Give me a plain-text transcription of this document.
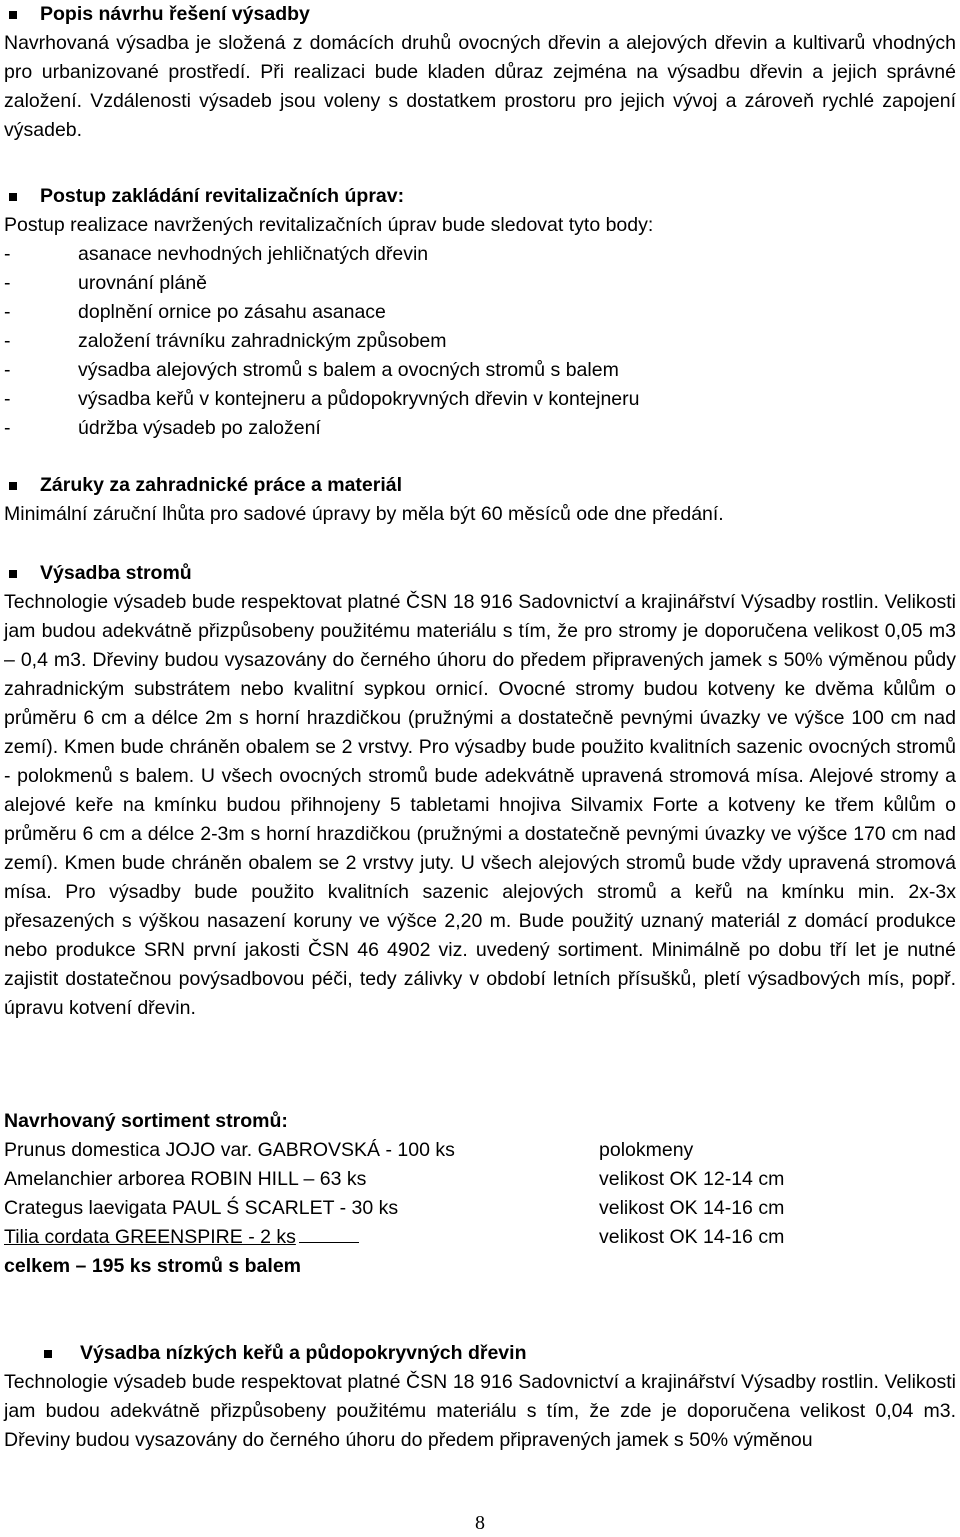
Popis návrhu řešení výsadby

Navrhovaná výsadba je složená z domácích druhů ovocných dřevin a alejových dřevin a kultivarů vhodných pro urbanizované prostředí. Při realizaci bude kladen důraz zejména na výsadbu dřevin a jejich správné založení. Vzdálenosti výsadeb jsou voleny s dostatkem prostoru pro jejich vývoj a zároveň rychlé zapojení výsadeb.

Postup zakládání revitalizačních úprav:

Postup realizace navržených revitalizačních úprav bude sledovat tyto body:

-	asanace nevhodných jehličnatých dřevin
-	urovnání pláně
-	doplnění ornice po zásahu asanace
-	založení trávníku zahradnickým způsobem
-	výsadba alejových stromů s balem a ovocných stromů s balem
-	výsadba keřů v kontejneru a půdopokryvných dřevin v kontejneru
-	údržba výsadeb po založení
Záruky za zahradnické práce a materiál

Minimální záruční lhůta pro sadové úpravy by měla být 60 měsíců ode dne předání.

Výsadba stromů

Technologie výsadeb bude respektovat platné ČSN 18 916 Sadovnictví a krajinářství Výsadby rostlin. Velikosti jam budou adekvátně přizpůsobeny použitému materiálu s tím, že pro stromy je doporučena velikost 0,05 m3 – 0,4 m3. Dřeviny budou vysazovány do černého úhoru do předem připravených jamek s 50% výměnou půdy zahradnickým substrátem nebo kvalitní sypkou ornicí. Ovocné stromy budou kotveny ke dvěma kůlům o průměru 6 cm a délce 2m s horní hrazdičkou (pružnými a dostatečně pevnými úvazky ve výšce 100 cm nad zemí). Kmen bude chráněn obalem se 2 vrstvy. Pro výsadby bude použito kvalitních sazenic ovocných stromů - polokmenů s balem. U všech ovocných stromů bude adekvátně upravená stromová mísa. Alejové stromy a alejové keře na kmínku budou přihnojeny 5 tabletami hnojiva Silvamix Forte a kotveny ke třem kůlům o průměru 6 cm a délce 2-3m s horní hrazdičkou (pružnými a dostatečně pevnými úvazky ve výšce 170 cm nad zemí). Kmen bude chráněn obalem se 2 vrstvy juty. U všech alejových stromů bude vždy upravená stromová mísa. Pro výsadby bude použito kvalitních sazenic alejových stromů a keřů na kmínku min. 2x-3x přesazených s výškou nasazení koruny ve výšce 2,20 m. Bude použitý uznaný materiál z domácí produkce nebo produkce SRN první jakosti ČSN 46 4902 viz. uvedený sortiment. Minimálně po dobu tří let je nutné zajistit dostatečnou povýsadbovou péči, tedy zálivky v období letních přísušků, pletí výsadbových mís, popř. úpravu kotvení dřevin.

Navrhovaný sortiment stromů:
Prunus domestica JOJO var. GABROVSKÁ - 100 ks	polokmeny
Amelanchier arborea ROBIN HILL – 63 ks	velikost OK 12-14 cm
Crategus laevigata PAUL Ś SCARLET - 30 ks	velikost OK 14-16 cm
Tilia cordata GREENSPIRE - 2 ks	velikost OK 14-16 cm
celkem – 195 ks stromů s balem
Výsadba nízkých keřů a půdopokryvných dřevin

Technologie výsadeb bude respektovat platné ČSN 18 916 Sadovnictví a krajinářství Výsadby rostlin. Velikosti jam budou adekvátně přizpůsobeny použitému materiálu s tím, že zde je doporučena velikost 0,04 m3. Dřeviny budou vysazovány do černého úhoru do předem připravených jamek s 50% výměnou

8
